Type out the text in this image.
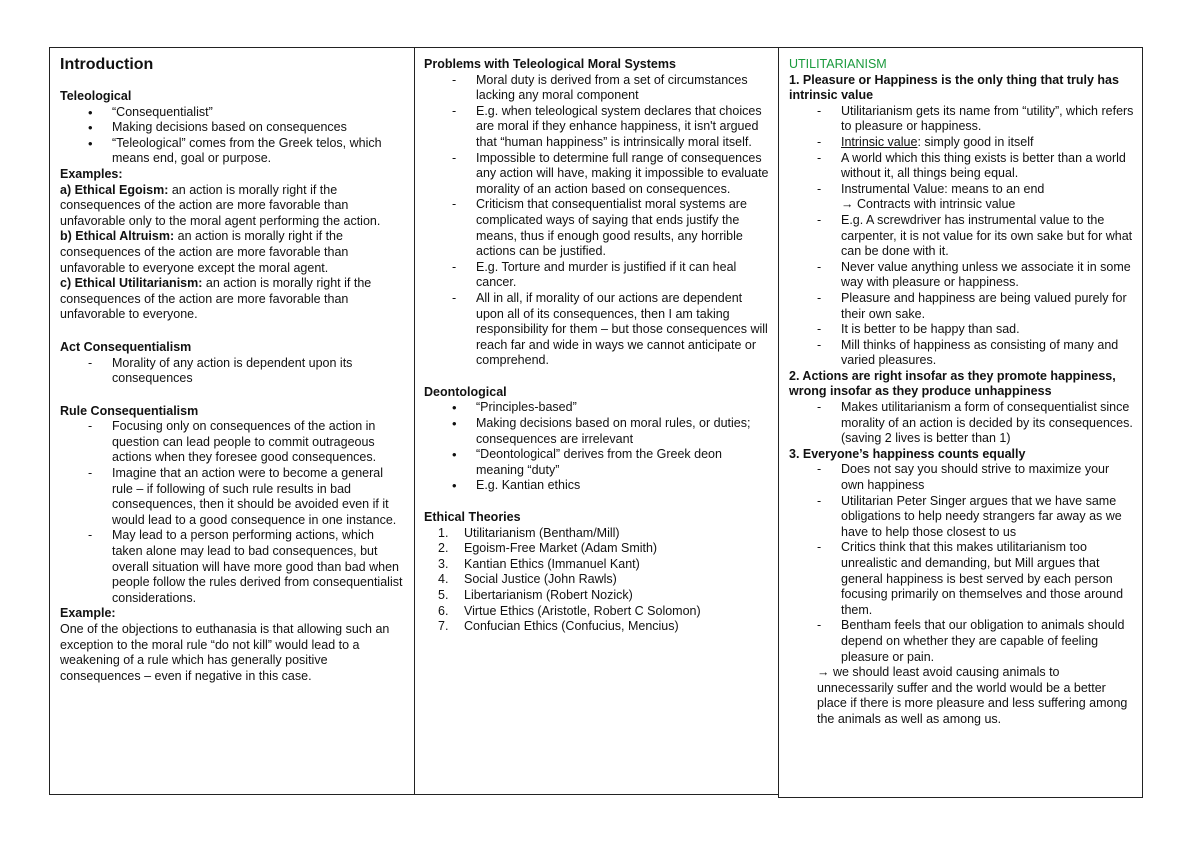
Introduction
Teleological
• “Consequentialist”
• Making decisions based on consequences
• “Teleological” comes from the Greek telos, which means end, goal or purpose.
Examples:
a) Ethical Egoism: an action is morally right if the consequences of the action are more favorable than unfavorable only to the moral agent performing the action.
b) Ethical Altruism: an action is morally right if the consequences of the action are more favorable than unfavorable to everyone except the moral agent.
c) Ethical Utilitarianism: an action is morally right if the consequences of the action are more favorable than unfavorable to everyone.
Act Consequentialism
- Morality of any action is dependent upon its consequences
Rule Consequentialism
- Focusing only on consequences of the action in question can lead people to commit outrageous actions when they foresee good consequences.
- Imagine that an action were to become a general rule – if following of such rule results in bad consequences, then it should be avoided even if it would lead to a good consequence in one instance.
- May lead to a person performing actions, which taken alone may lead to bad consequences, but overall situation will have more good than bad when people follow the rules derived from consequentialist considerations.
Example:
One of the objections to euthanasia is that allowing such an exception to the moral rule “do not kill” would lead to a weakening of a rule which has generally positive consequences – even if negative in this case.
Problems with Teleological Moral Systems
- Moral duty is derived from a set of circumstances lacking any moral component
- E.g. when teleological system declares that choices are moral if they enhance happiness, it isn't argued that “human happiness” is intrinsically moral itself.
- Impossible to determine full range of consequences any action will have, making it impossible to evaluate morality of an action based on consequences.
- Criticism that consequentialist moral systems are complicated ways of saying that ends justify the means, thus if enough good results, any horrible actions can be justified.
- E.g. Torture and murder is justified if it can heal cancer.
- All in all, if morality of our actions are dependent upon all of its consequences, then I am taking responsibility for them – but those consequences will reach far and wide in ways we cannot anticipate or comprehend.
Deontological
• “Principles-based”
• Making decisions based on moral rules, or duties; consequences are irrelevant
• “Deontological” derives from the Greek deon meaning “duty”
• E.g. Kantian ethics
Ethical Theories
1. Utilitarianism (Bentham/Mill)
2. Egoism-Free Market (Adam Smith)
3. Kantian Ethics (Immanuel Kant)
4. Social Justice (John Rawls)
5. Libertarianism (Robert Nozick)
6. Virtue Ethics (Aristotle, Robert C Solomon)
7. Confucian Ethics (Confucius, Mencius)
UTILITARIANISM
1. Pleasure or Happiness is the only thing that truly has intrinsic value
- Utilitarianism gets its name from “utility”, which refers to pleasure or happiness.
- Intrinsic value: simply good in itself
- A world which this thing exists is better than a world without it, all things being equal.
- Instrumental Value: means to an end
→ Contracts with intrinsic value
- E.g. A screwdriver has instrumental value to the carpenter, it is not value for its own sake but for what can be done with it.
- Never value anything unless we associate it in some way with pleasure or happiness.
- Pleasure and happiness are being valued purely for their own sake.
- It is better to be happy than sad.
- Mill thinks of happiness as consisting of many and varied pleasures.
2. Actions are right insofar as they promote happiness, wrong insofar as they produce unhappiness
- Makes utilitarianism a form of consequentialist since morality of an action is decided by its consequences. (saving 2 lives is better than 1)
3. Everyone’s happiness counts equally
- Does not say you should strive to maximize your own happiness
- Utilitarian Peter Singer argues that we have same obligations to help needy strangers far away as we have to help those closest to us
- Critics think that this makes utilitarianism too unrealistic and demanding, but Mill argues that general happiness is best served by each person focusing primarily on themselves and those around them.
- Bentham feels that our obligation to animals should depend on whether they are capable of feeling pleasure or pain.
→ we should least avoid causing animals to unnecessarily suffer and the world would be a better place if there is more pleasure and less suffering among the animals as well as among us.
